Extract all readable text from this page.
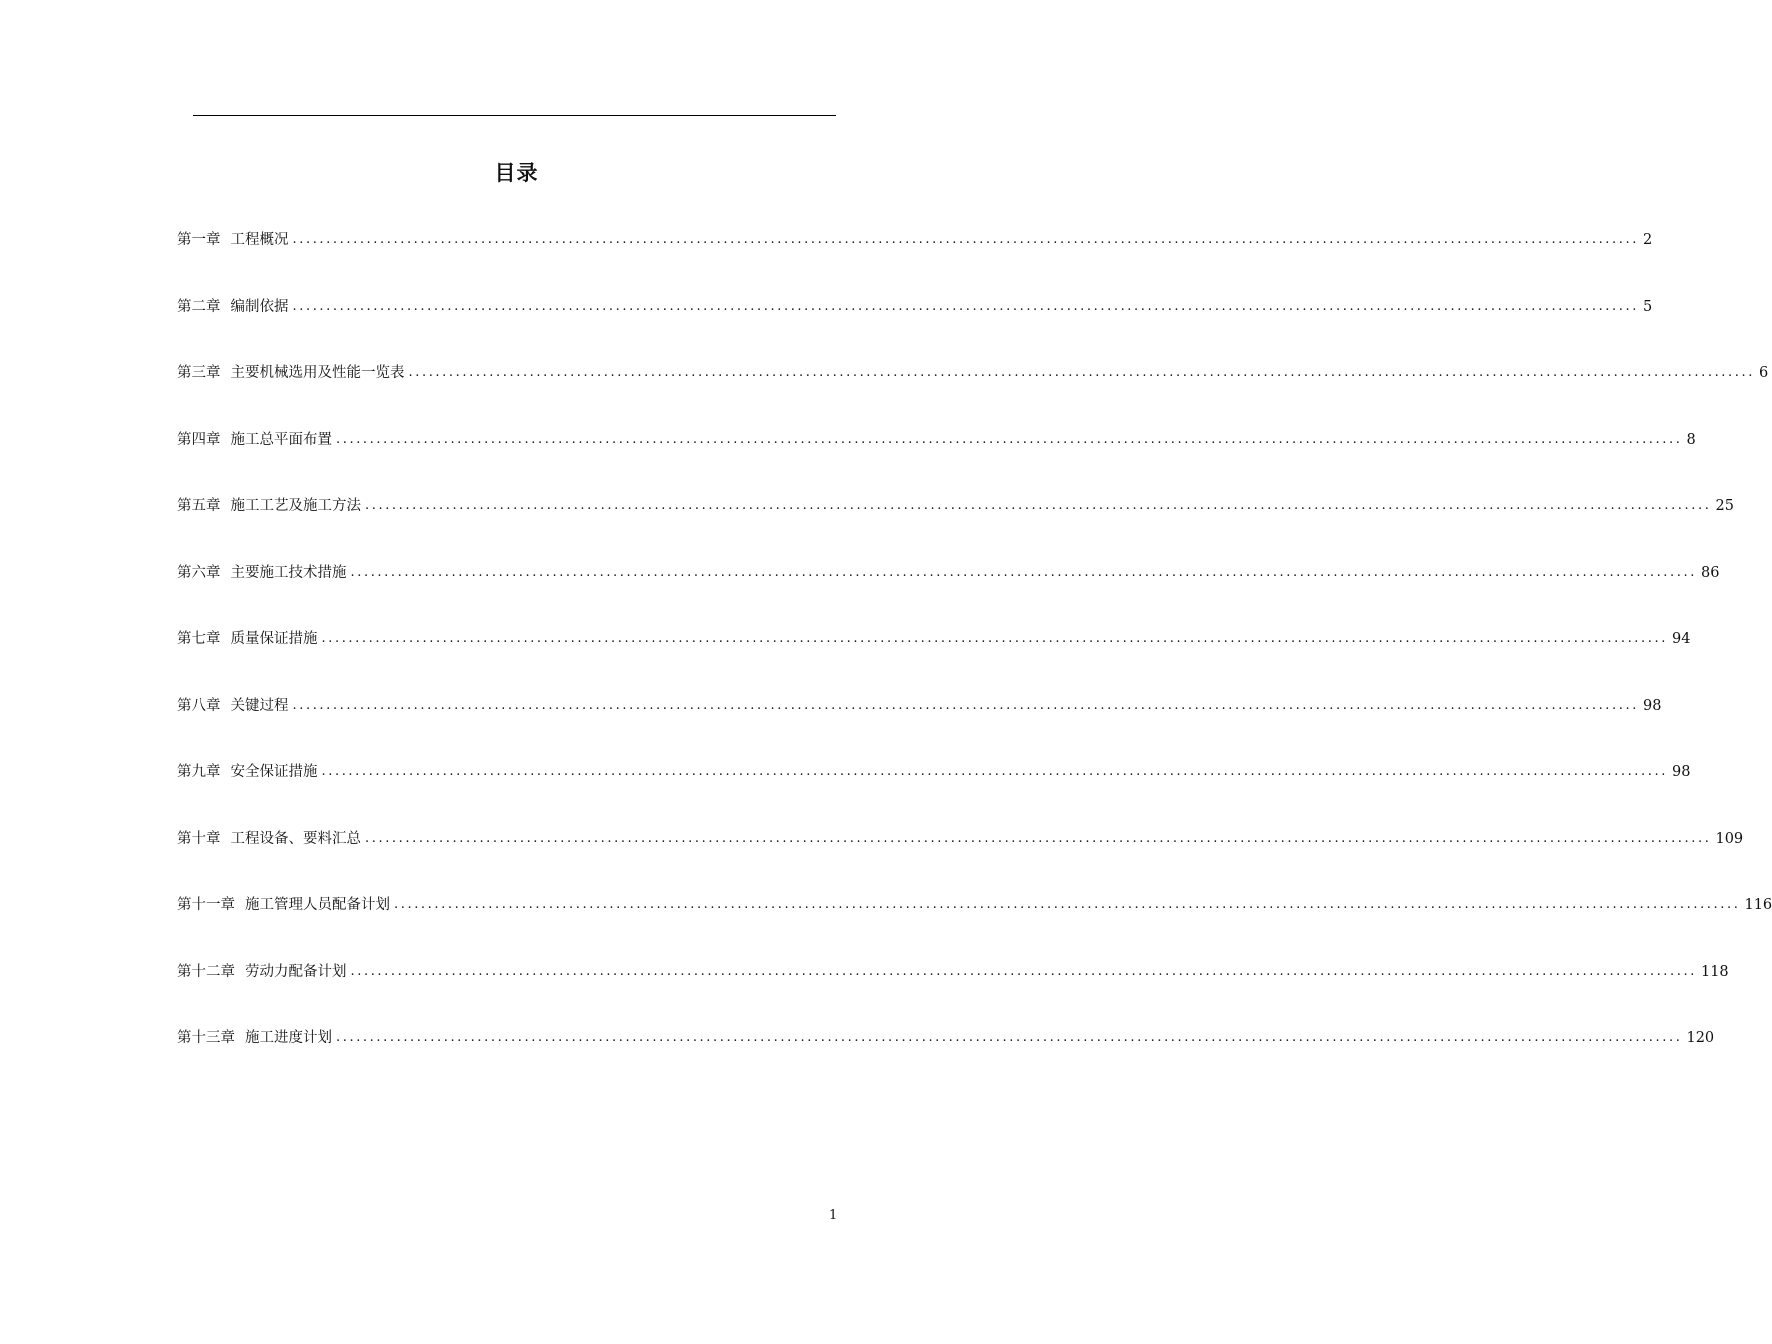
目录
第一章 工程概况 ........................................................................................................................................................................................................ 2
第二章 编制依据 ........................................................................................................................................................................................................ 5
第三章 主要机械选用及性能一览表 ........................................................................................................................................................................................................ 6
第四章 施工总平面布置 ........................................................................................................................................................................................................ 8
第五章 施工工艺及施工方法 ........................................................................................................................................................................................................ 25
第六章 主要施工技术措施 ........................................................................................................................................................................................................ 86
第七章 质量保证措施 ........................................................................................................................................................................................................ 94
第八章 关键过程 ........................................................................................................................................................................................................ 98
第九章 安全保证措施 ........................................................................................................................................................................................................ 98
第十章 工程设备、要料汇总 ........................................................................................................................................................................................................ 109
第十一章 施工管理人员配备计划 ........................................................................................................................................................................................................ 116
第十二章 劳动力配备计划 ........................................................................................................................................................................................................ 118
第十三章 施工进度计划 ........................................................................................................................................................................................................ 120
1
